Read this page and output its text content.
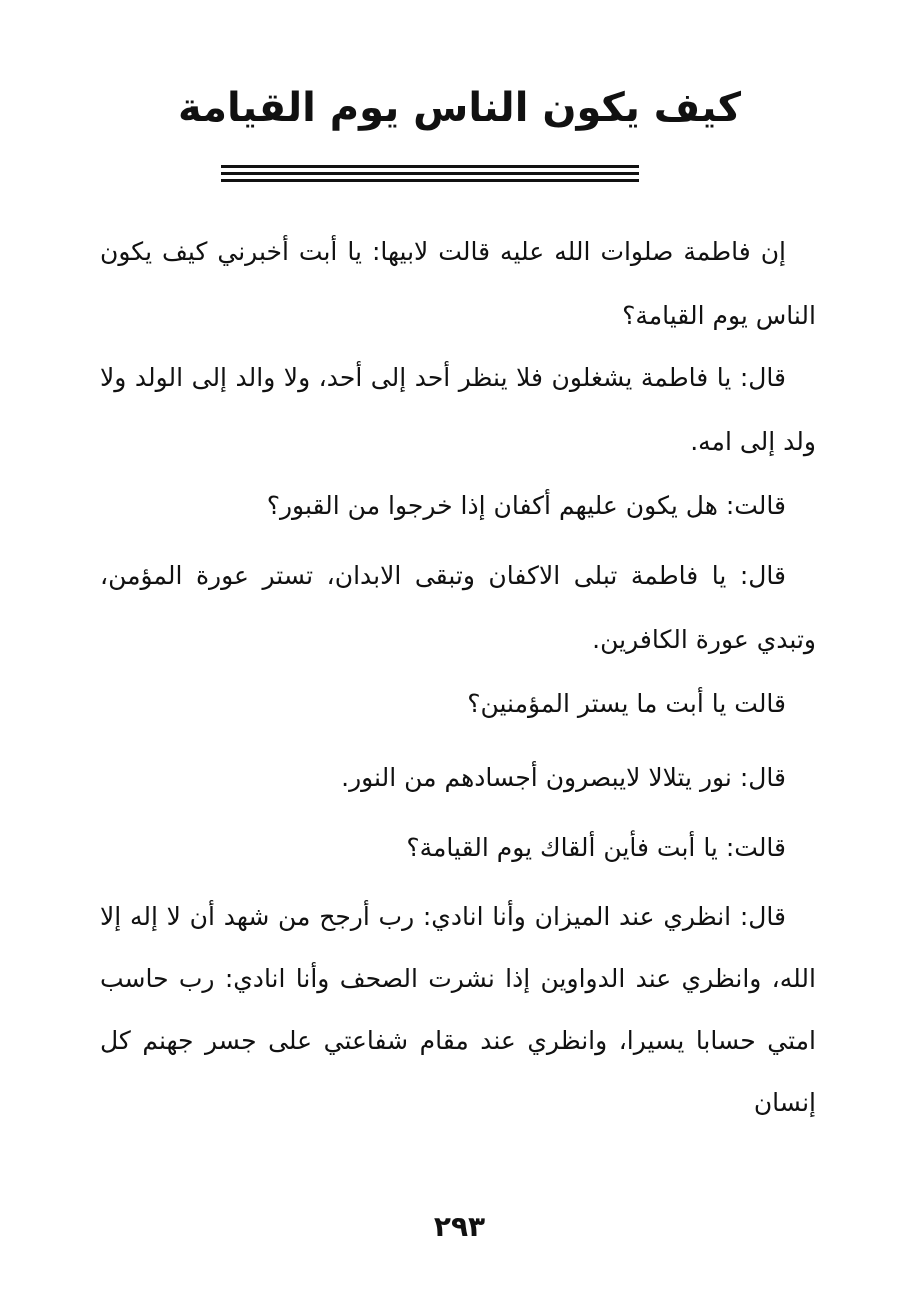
كيف يكون الناس يوم القيامة

إن فاطمة صلوات الله عليه قالت لابيها: يا أبت أخبرني كيف يكون الناس يوم القيامة؟

قال: يا فاطمة يشغلون فلا ينظر أحد إلى أحد، ولا والد إلى الولد ولا ولد إلى امه.

قالت: هل يكون عليهم أكفان إذا خرجوا من القبور؟

قال: يا فاطمة تبلى الاكفان وتبقى الابدان، تستر عورة المؤمن، وتبدي عورة الكافرين.

قالت يا أبت ما يستر المؤمنين؟

قال: نور يتلالا لايبصرون أجسادهم من النور.

قالت: يا أبت فأين ألقاك يوم القيامة؟

قال: انظري عند الميزان وأنا انادي: رب أرجح من شهد أن لا إله إلا الله، وانظري عند الدواوين إذا نشرت الصحف وأنا انادي: رب حاسب امتي حسابا يسيرا، وانظري عند مقام شفاعتي على جسر جهنم كل إنسان

٢٩٣
